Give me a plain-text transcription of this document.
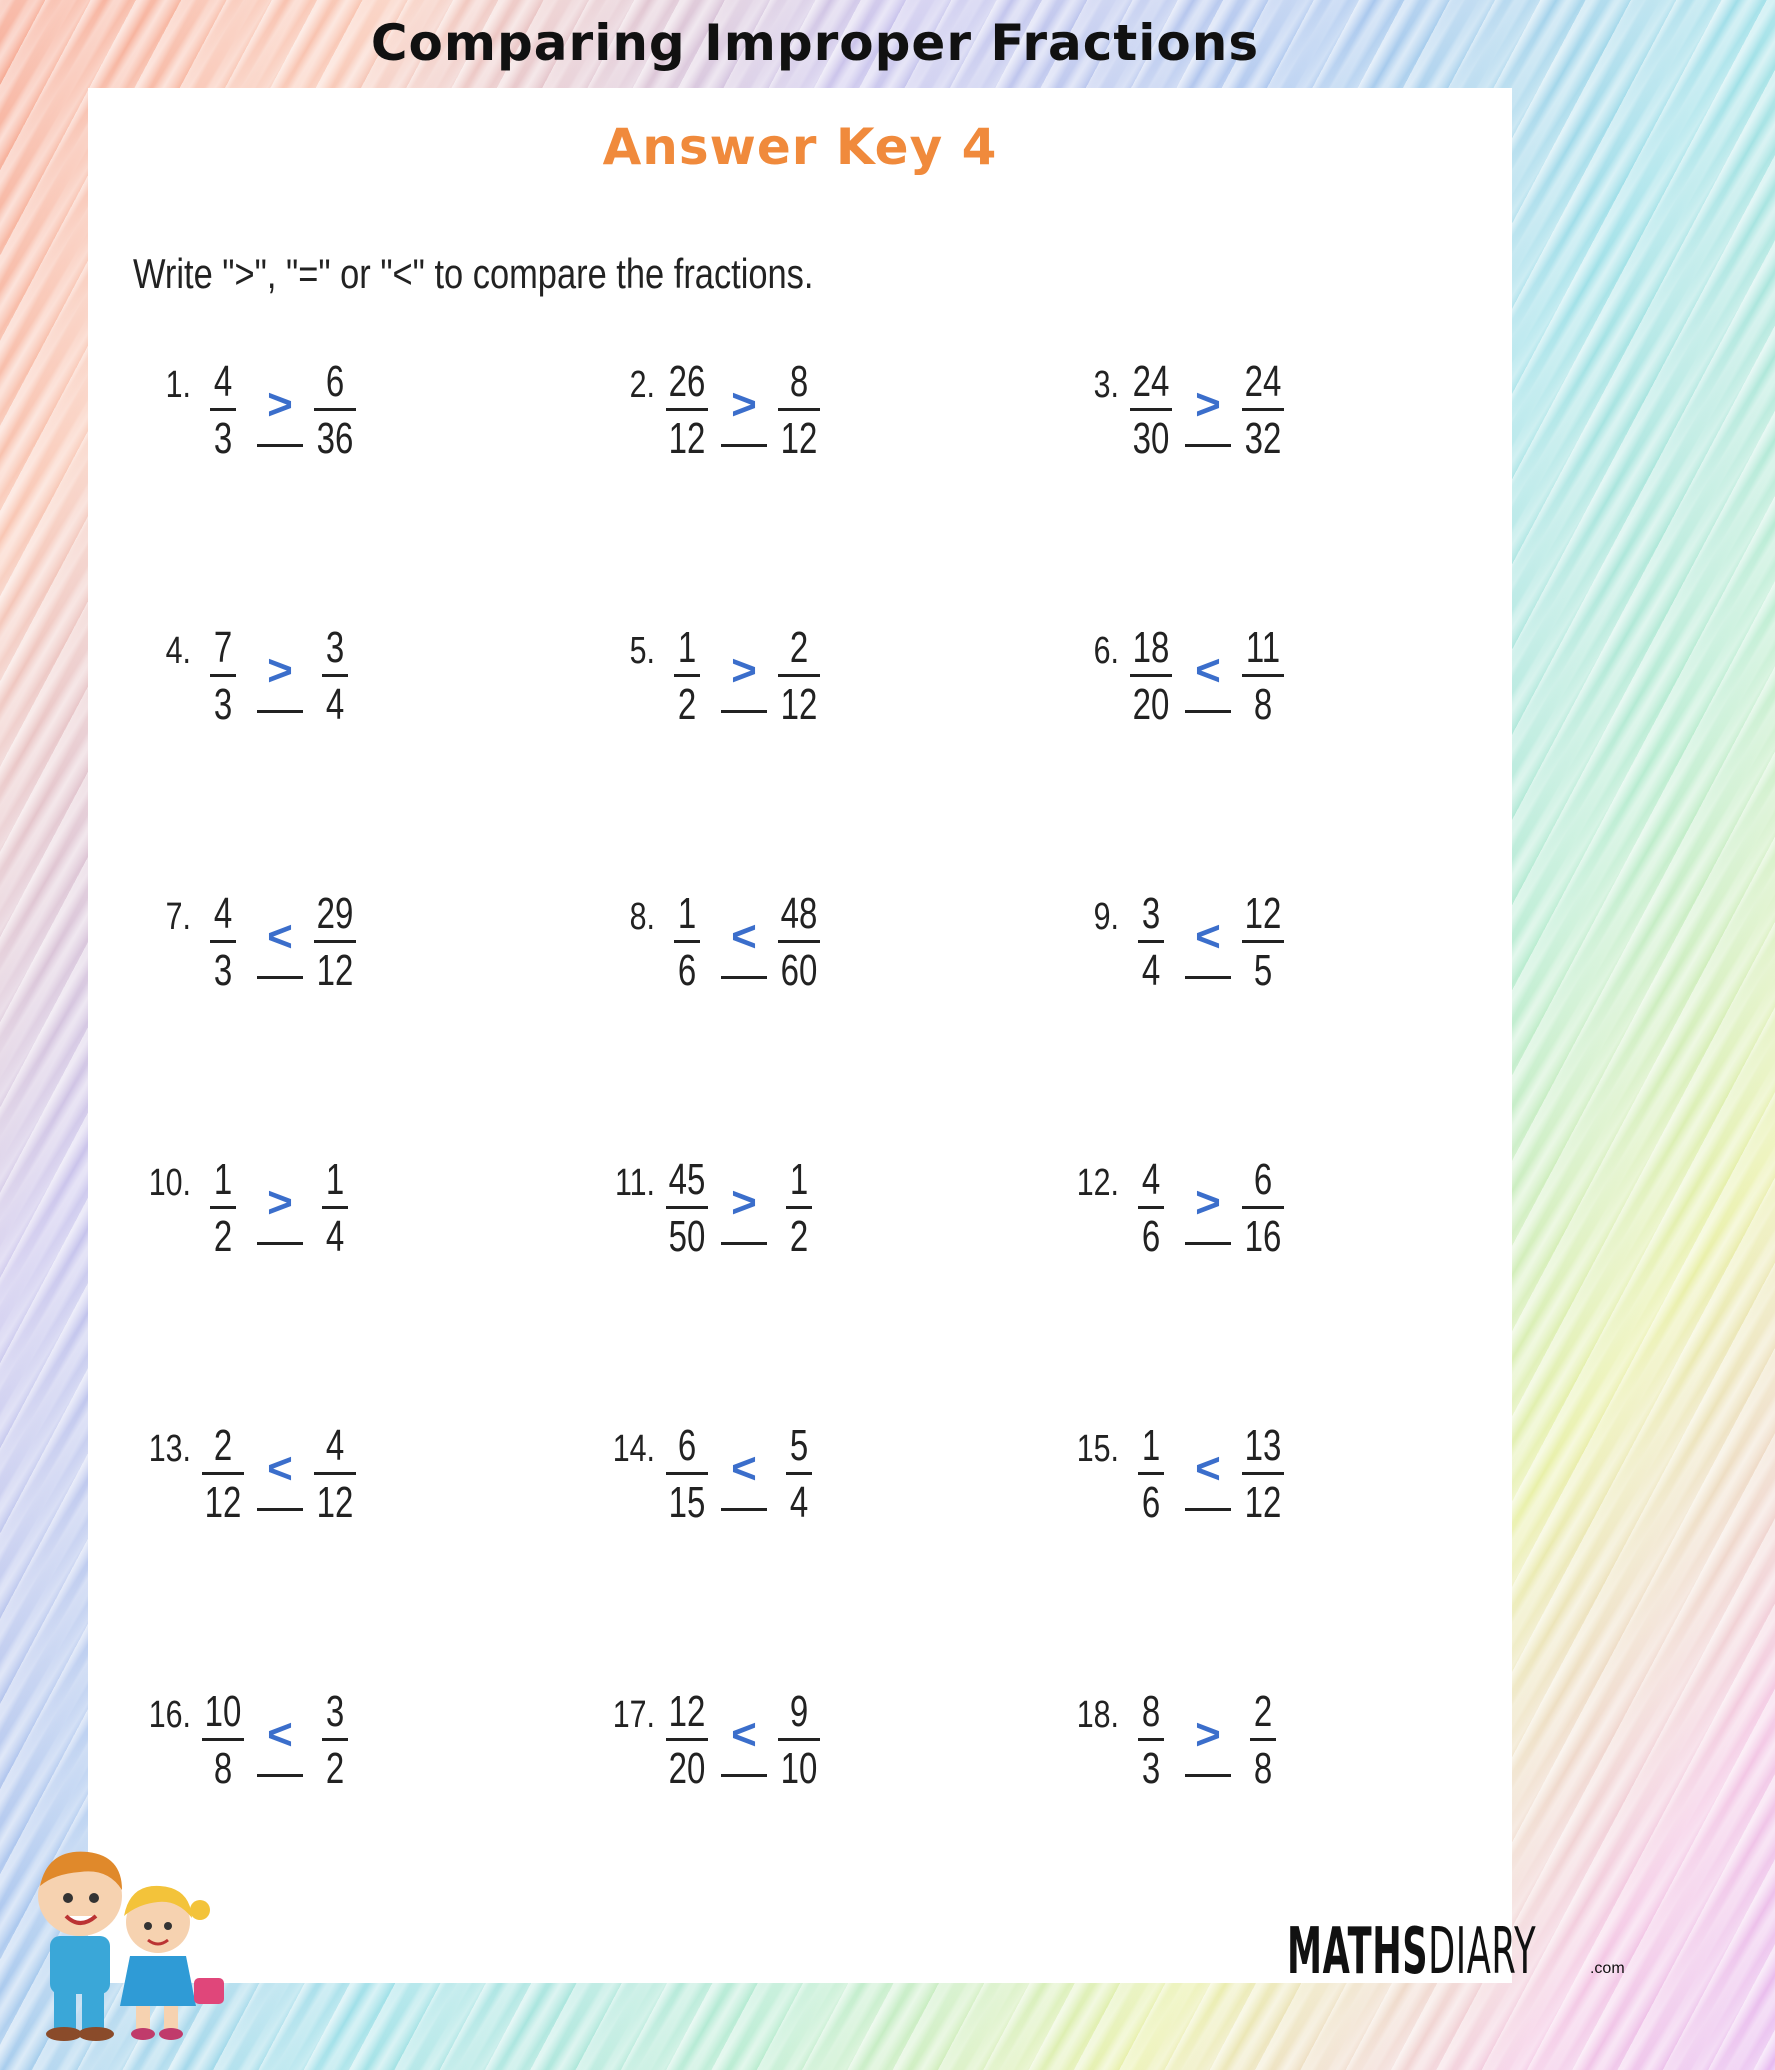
Comparing Improper Fractions
Answer Key 4
Write ">", "=" or "<" to compare the fractions.
1. 4
3
> 6
36
2. 26
12
> 8
12
3. 24
30
> 24
32
4. 7
3
> 3
4
5. 1
2
> 2
12
6. 18
20
< 11
8
7. 4
3
< 29
12
8. 1
6
< 48
60
9. 3
4
< 12
5
10. 1
2
> 1
4
11. 45
50
> 1
2
12. 4
6
> 6
16
13. 2
12
< 4
12
14. 6
15
< 5
4
15. 1
6
< 13
12
16. 10
8
< 3
2
17. 12
20
< 9
10
18. 8
3
> 2
8
MATHSDIARY	.com
